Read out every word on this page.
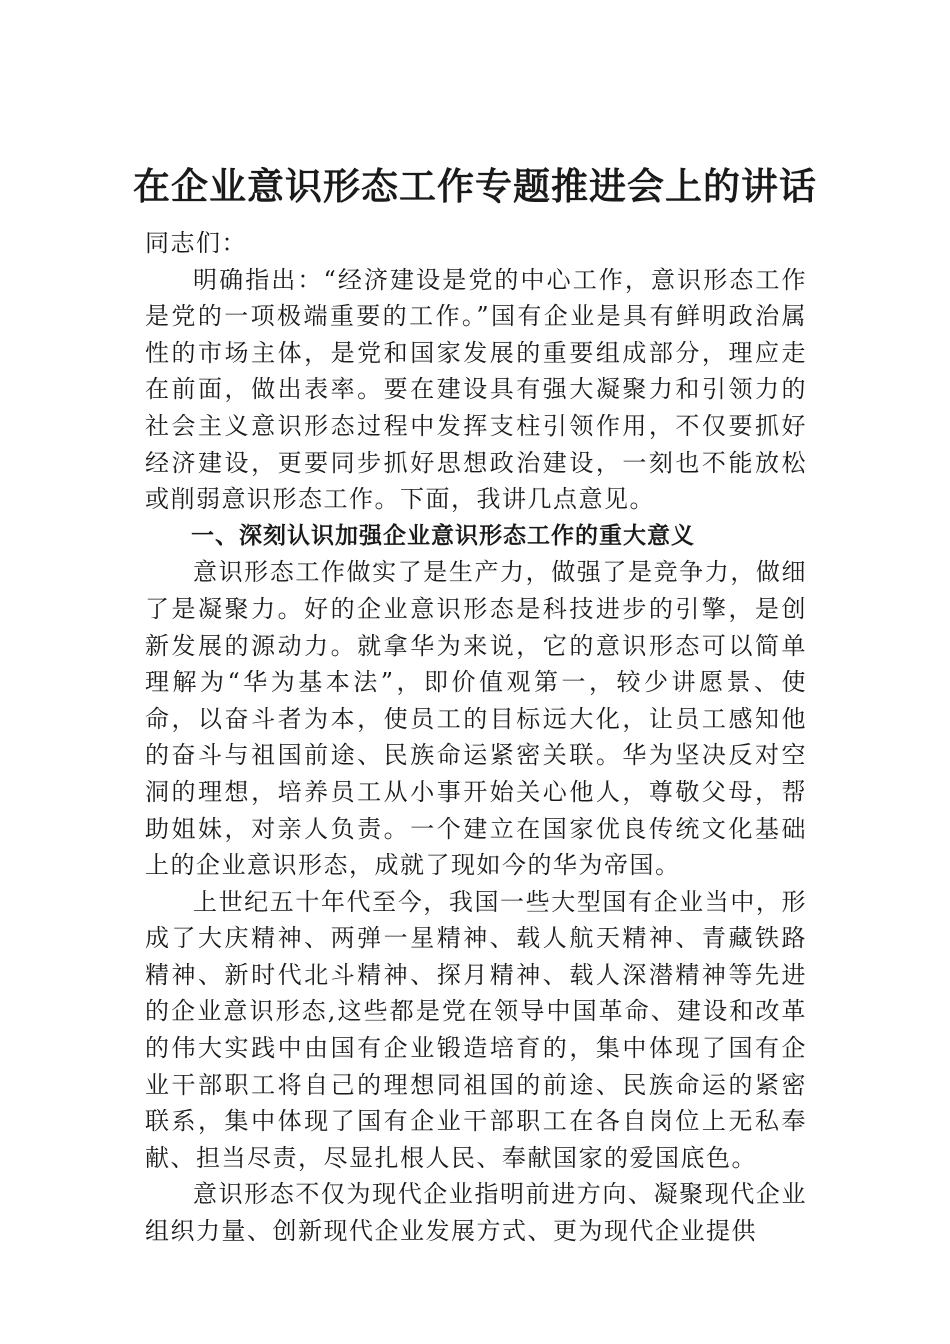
在企业意识形态工作专题推进会上的讲话

同志们：

明确指出：“经济建设是党的中心工作，意识形态工作是党的一项极端重要的工作。”国有企业是具有鲜明政治属性的市场主体，是党和国家发展的重要组成部分，理应走在前面，做出表率。要在建设具有强大凝聚力和引领力的社会主义意识形态过程中发挥支柱引领作用，不仅要抓好经济建设，更要同步抓好思想政治建设，一刻也不能放松或削弱意识形态工作。下面，我讲几点意见。

一、深刻认识加强企业意识形态工作的重大意义

意识形态工作做实了是生产力，做强了是竞争力，做细了是凝聚力。好的企业意识形态是科技进步的引擎，是创新发展的源动力。就拿华为来说，它的意识形态可以简单理解为“华为基本法”，即价值观第一，较少讲愿景、使命，以奋斗者为本，使员工的目标远大化，让员工感知他的奋斗与祖国前途、民族命运紧密关联。华为坚决反对空洞的理想，培养员工从小事开始关心他人，尊敬父母，帮助姐妹，对亲人负责。一个建立在国家优良传统文化基础上的企业意识形态，成就了现如今的华为帝国。

上世纪五十年代至今，我国一些大型国有企业当中，形成了大庆精神、两弹一星精神、载人航天精神、青藏铁路精神、新时代北斗精神、探月精神、载人深潜精神等先进的企业意识形态,这些都是党在领导中国革命、建设和改革的伟大实践中由国有企业锻造培育的，集中体现了国有企业干部职工将自己的理想同祖国的前途、民族命运的紧密联系，集中体现了国有企业干部职工在各自岗位上无私奉献、担当尽责，尽显扎根人民、奉献国家的爱国底色。

意识形态不仅为现代企业指明前进方向、凝聚现代企业组织力量、创新现代企业发展方式、更为现代企业提供
